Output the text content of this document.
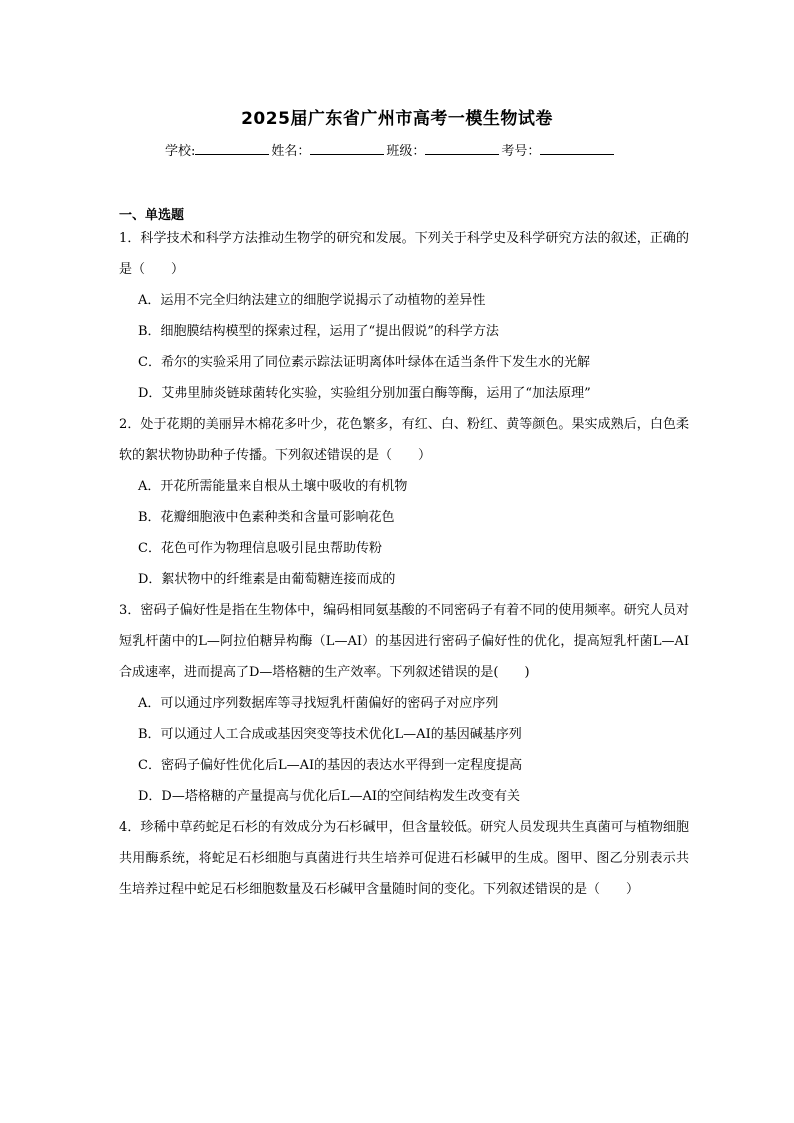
2025届广东省广州市高考一模生物试卷
学校:	姓名：	班级：	考号：
一、单选题

1．科学技术和科学方法推动生物学的研究和发展。下列关于科学史及科学研究方法的叙述，正确的是（　　）

A．运用不完全归纳法建立的细胞学说揭示了动植物的差异性

B．细胞膜结构模型的探索过程，运用了“提出假说”的科学方法

C．希尔的实验采用了同位素示踪法证明离体叶绿体在适当条件下发生水的光解

D．艾弗里肺炎链球菌转化实验，实验组分别加蛋白酶等酶，运用了“加法原理”

2．处于花期的美丽异木棉花多叶少，花色繁多，有红、白、粉红、黄等颜色。果实成熟后，白色柔软的絮状物协助种子传播。下列叙述错误的是（　　）

A．开花所需能量来自根从土壤中吸收的有机物

B．花瓣细胞液中色素种类和含量可影响花色

C．花色可作为物理信息吸引昆虫帮助传粉

D．絮状物中的纤维素是由葡萄糖连接而成的

3．密码子偏好性是指在生物体中，编码相同氨基酸的不同密码子有着不同的使用频率。研究人员对短乳杆菌中的L—阿拉伯糖异构酶（L—AI）的基因进行密码子偏好性的优化，提高短乳杆菌L—AI合成速率，进而提高了D—塔格糖的生产效率。下列叙述错误的是(　　)

A．可以通过序列数据库等寻找短乳杆菌偏好的密码子对应序列

B．可以通过人工合成或基因突变等技术优化L—AI的基因碱基序列

C．密码子偏好性优化后L—AI的基因的表达水平得到一定程度提高

D．D—塔格糖的产量提高与优化后L—AI的空间结构发生改变有关

4．珍稀中草药蛇足石杉的有效成分为石杉碱甲，但含量较低。研究人员发现共生真菌可与植物细胞共用酶系统，将蛇足石杉细胞与真菌进行共生培养可促进石杉碱甲的生成。图甲、图乙分别表示共生培养过程中蛇足石杉细胞数量及石杉碱甲含量随时间的变化。下列叙述错误的是（　　）
